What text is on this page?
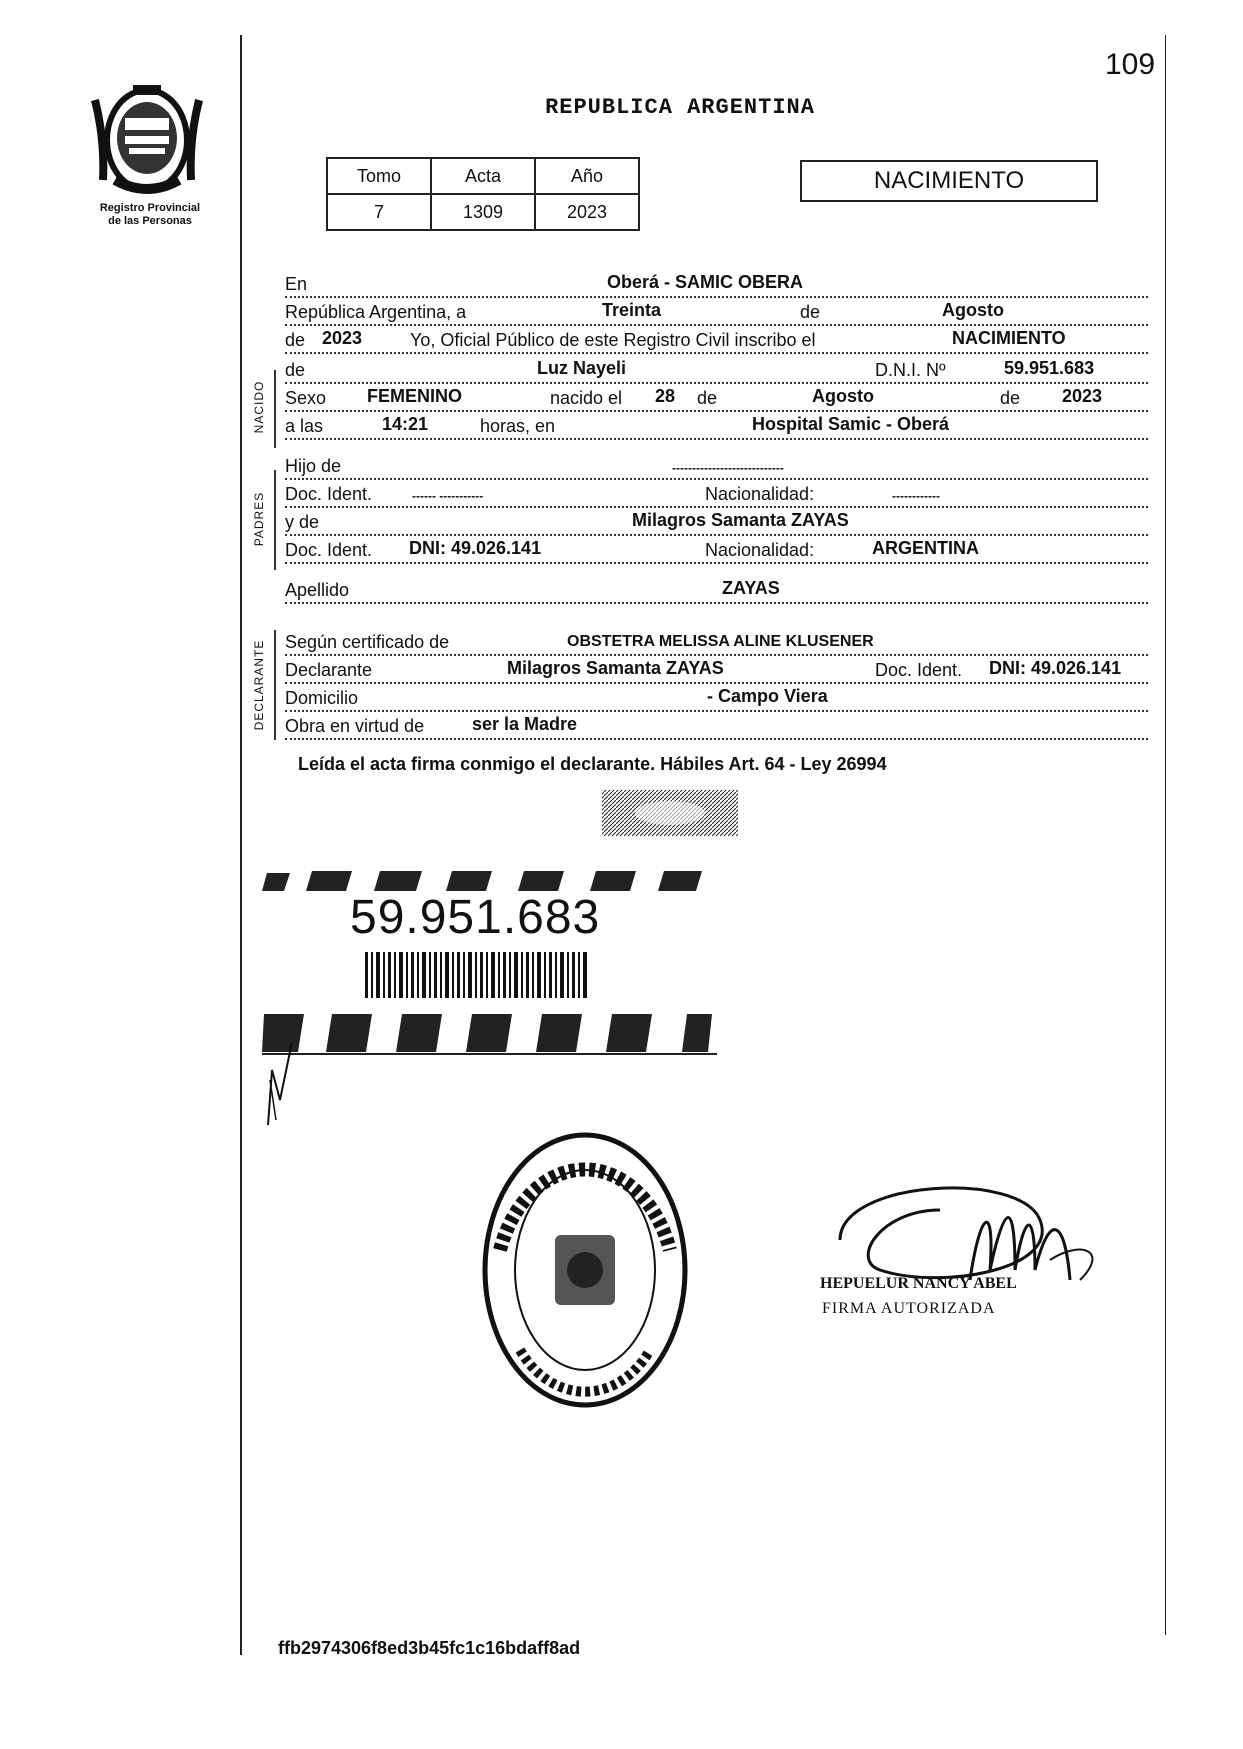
Registro Provincial
de las Personas
109
REPUBLICA ARGENTINA
Tomo	Acta	Año
7	1309	2023
NACIMIENTO
En	Oberá - SAMIC OBERA
República Argentina, a	Treinta	de	Agosto
de 2023	Yo, Oficial Público de este Registro Civil inscribo el	NACIMIENTO
NACIDO
de	Luz Nayeli	D.N.I. Nº	59.951.683
Sexo FEMENINO	nacido el 28 de	Agosto	de 2023
a las	14:21	horas, en	Hospital Samic - Oberá
PADRES
Hijo de	----------------------------
Doc. Ident.	------ -----------	Nacionalidad:	------------
y de	Milagros Samanta ZAYAS
Doc. Ident. DNI: 49.026.141	Nacionalidad:	ARGENTINA
Apellido	ZAYAS
DECLARANTE Según certificado de	OBSTETRA MELISSA ALINE KLUSENER
Declarante	Milagros Samanta ZAYAS	Doc. Ident. DNI: 49.026.141
Domicilio	- Campo Viera
Obra en virtud de	ser la Madre
Leída el acta firma conmigo el declarante. Hábiles Art. 64 - Ley 26994
59.951.683
HEPUELUR NANCY ABEL
FIRMA AUTORIZADA
ffb2974306f8ed3b45fc1c16bdaff8ad
